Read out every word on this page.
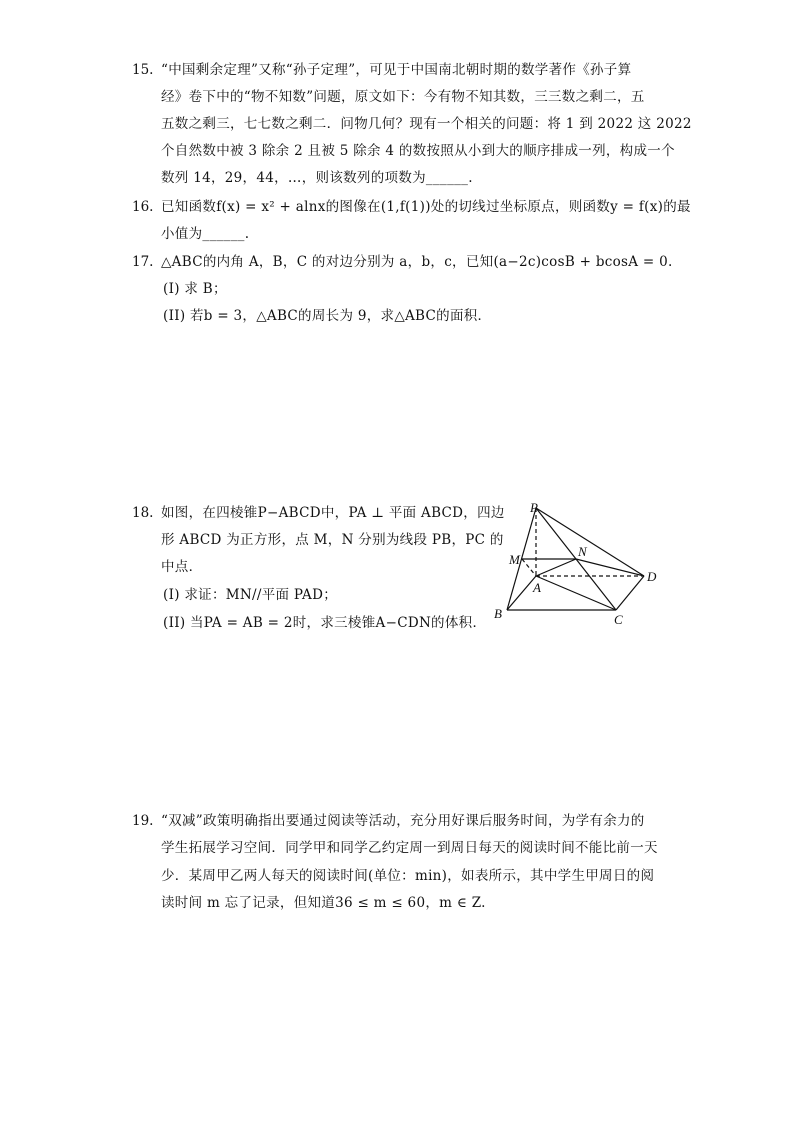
15. “中国剩余定理”又称“孙子定理”，可见于中国南北朝时期的数学著作《孙子算
经》卷下中的“物不知数”问题，原文如下：今有物不知其数，三三数之剩二，五
五数之剩三，七七数之剩二．问物几何？现有一个相关的问题：将 1 到 2022 这 2022
个自然数中被 3 除余 2 且被 5 除余 4 的数按照从小到大的顺序排成一列，构成一个
数列 14，29，44，…，则该数列的项数为______.
16. 已知函数f(x) = x² + alnx的图像在(1,f(1))处的切线过坐标原点，则函数y = f(x)的最
小值为______.
17. △ABC的内角 A，B，C 的对边分别为 a，b，c，已知(a−2c)cosB + bcosA = 0.
(I) 求 B；
(II) 若b = 3，△ABC的周长为 9，求△ABC的面积．
18. 如图，在四棱锥P−ABCD中，PA ⊥ 平面 ABCD，四边
形 ABCD 为正方形，点 M，N 分别为线段 PB，PC 的
中点．
(I) 求证：MN//平面 PAD；
(II) 当PA = AB = 2时，求三棱锥A−CDN的体积．
P
M
N
A
B	C
D
19. “双减”政策明确指出要通过阅读等活动，充分用好课后服务时间，为学有余力的
学生拓展学习空间．同学甲和同学乙约定周一到周日每天的阅读时间不能比前一天
少．某周甲乙两人每天的阅读时间(单位：min)，如表所示，其中学生甲周日的阅
读时间 m 忘了记录，但知道36 ≤ m ≤ 60，m ∈ Z.
